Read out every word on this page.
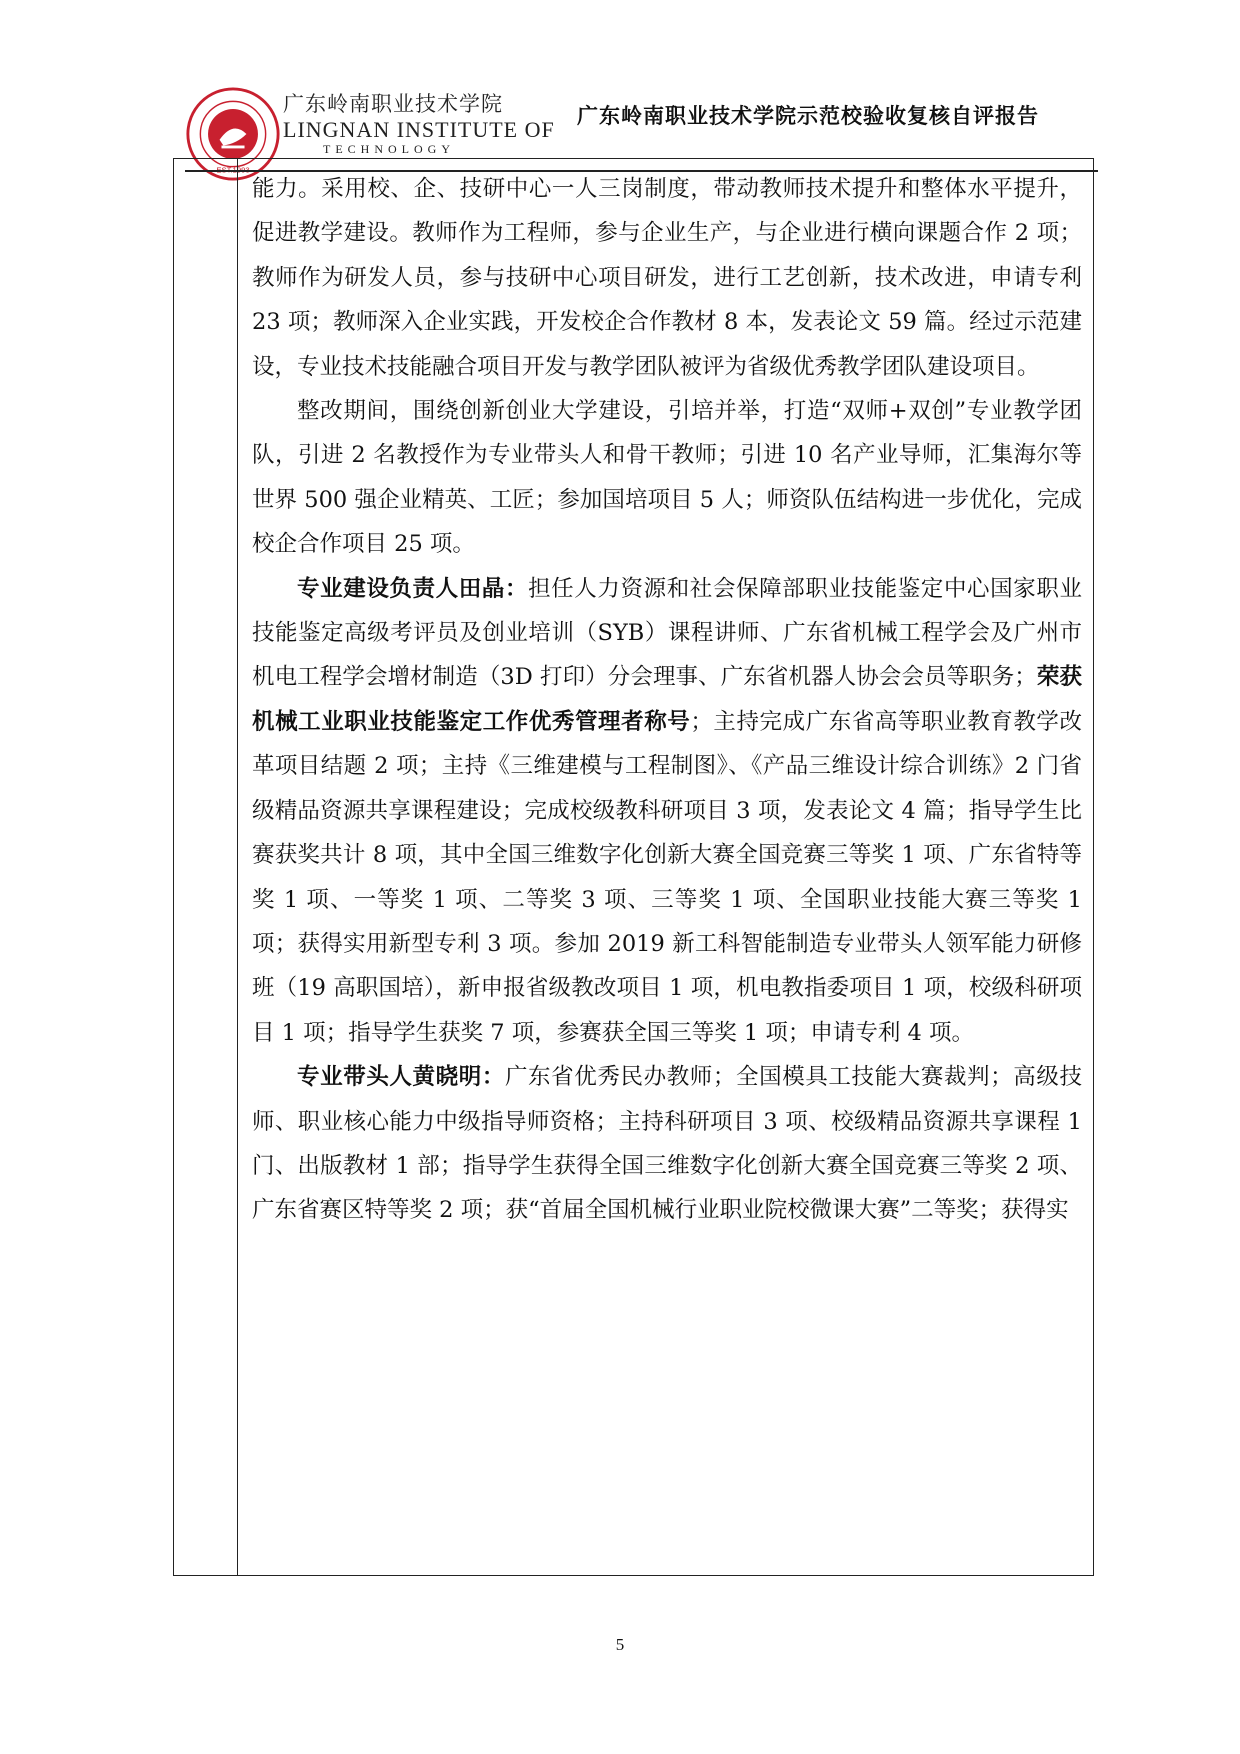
EST.1993
广东岭南职业技术学院
LINGNAN INSTITUTE OF
TECHNOLOGY
广东岭南职业技术学院示范校验收复核自评报告

能力。采用校、企、技研中心一人三岗制度，带动教师技术提升和整体水平提升，促进教学建设。教师作为工程师，参与企业生产，与企业进行横向课题合作 2 项；教师作为研发人员，参与技研中心项目研发，进行工艺创新，技术改进，申请专利 23 项；教师深入企业实践，开发校企合作教材 8 本，发表论文 59 篇。经过示范建设，专业技术技能融合项目开发与教学团队被评为省级优秀教学团队建设项目。

整改期间，围绕创新创业大学建设，引培并举，打造“双师+双创”专业教学团队，引进 2 名教授作为专业带头人和骨干教师；引进 10 名产业导师，汇集海尔等世界 500 强企业精英、工匠；参加国培项目 5 人；师资队伍结构进一步优化，完成校企合作项目 25 项。

专业建设负责人田晶：担任人力资源和社会保障部职业技能鉴定中心国家职业技能鉴定高级考评员及创业培训（SYB）课程讲师、广东省机械工程学会及广州市机电工程学会增材制造（3D 打印）分会理事、广东省机器人协会会员等职务；荣获机械工业职业技能鉴定工作优秀管理者称号；主持完成广东省高等职业教育教学改革项目结题 2 项；主持《三维建模与工程制图》、《产品三维设计综合训练》2 门省级精品资源共享课程建设；完成校级教科研项目 3 项，发表论文 4 篇；指导学生比赛获奖共计 8 项，其中全国三维数字化创新大赛全国竞赛三等奖 1 项、广东省特等奖 1 项、一等奖 1 项、二等奖 3 项、三等奖 1 项、全国职业技能大赛三等奖 1 项；获得实用新型专利 3 项。参加 2019 新工科智能制造专业带头人领军能力研修班（19 高职国培），新申报省级教改项目 1 项，机电教指委项目 1 项，校级科研项目 1 项；指导学生获奖 7 项，参赛获全国三等奖 1 项；申请专利 4 项。

专业带头人黄晓明：广东省优秀民办教师；全国模具工技能大赛裁判；高级技师、职业核心能力中级指导师资格；主持科研项目 3 项、校级精品资源共享课程 1 门、出版教材 1 部；指导学生获得全国三维数字化创新大赛全国竞赛三等奖 2 项、广东省赛区特等奖 2 项；获“首届全国机械行业职业院校微课大赛”二等奖；获得实

5
